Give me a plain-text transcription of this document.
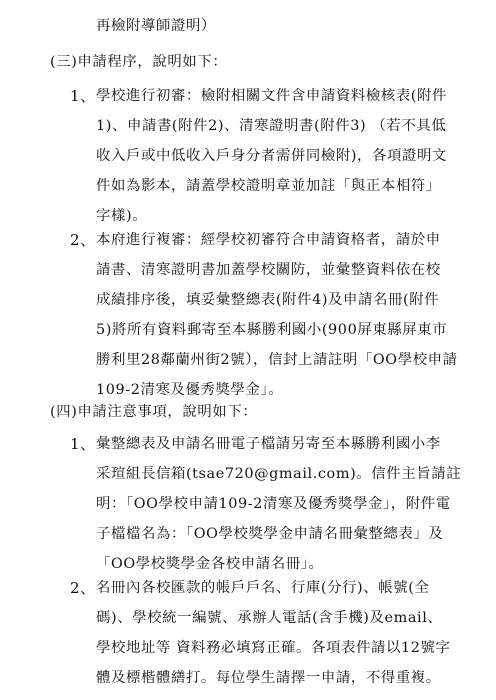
再檢附導師證明）
(三)申請程序，說明如下：
1、 學校進行初審：檢附相關文件含申請資料檢核表(附件
1)、申請書(附件2)、清寒證明書(附件3) （若不具低
收入戶或中低收入戶身分者需併同檢附)，各項證明文
件如為影本，請蓋學校證明章並加註「與正本相符」
字樣)。
2、 本府進行複審：經學校初審符合申請資格者，請於申
請書、清寒證明書加蓋學校關防，並彙整資料依在校
成績排序後，填妥彙整總表(附件4)及申請名冊(附件
5)將所有資料郵寄至本縣勝利國小(900屏東縣屏東市
勝利里28鄰蘭州街2號），信封上請註明「OO學校申請
109-2清寒及優秀獎學金」。
(四)申請注意事項，說明如下：
1、 彙整總表及申請名冊電子檔請另寄至本縣勝利國小李
采瑄組長信箱(tsae720@gmail.com)。信件主旨請註
明：「OO學校申請109-2清寒及優秀獎學金」，附件電
子檔檔名為：「OO學校獎學金申請名冊彙整總表」及
「OO學校獎學金各校申請名冊」。
2、 名冊內各校匯款的帳戶戶名、行庫(分行)、帳號(全
碼)、學校統一編號、承辦人電話(含手機)及email、
學校地址等 資料務必填寫正確。各項表件請以12號字
體及標楷體繕打。每位學生請擇一申請，不得重複。
